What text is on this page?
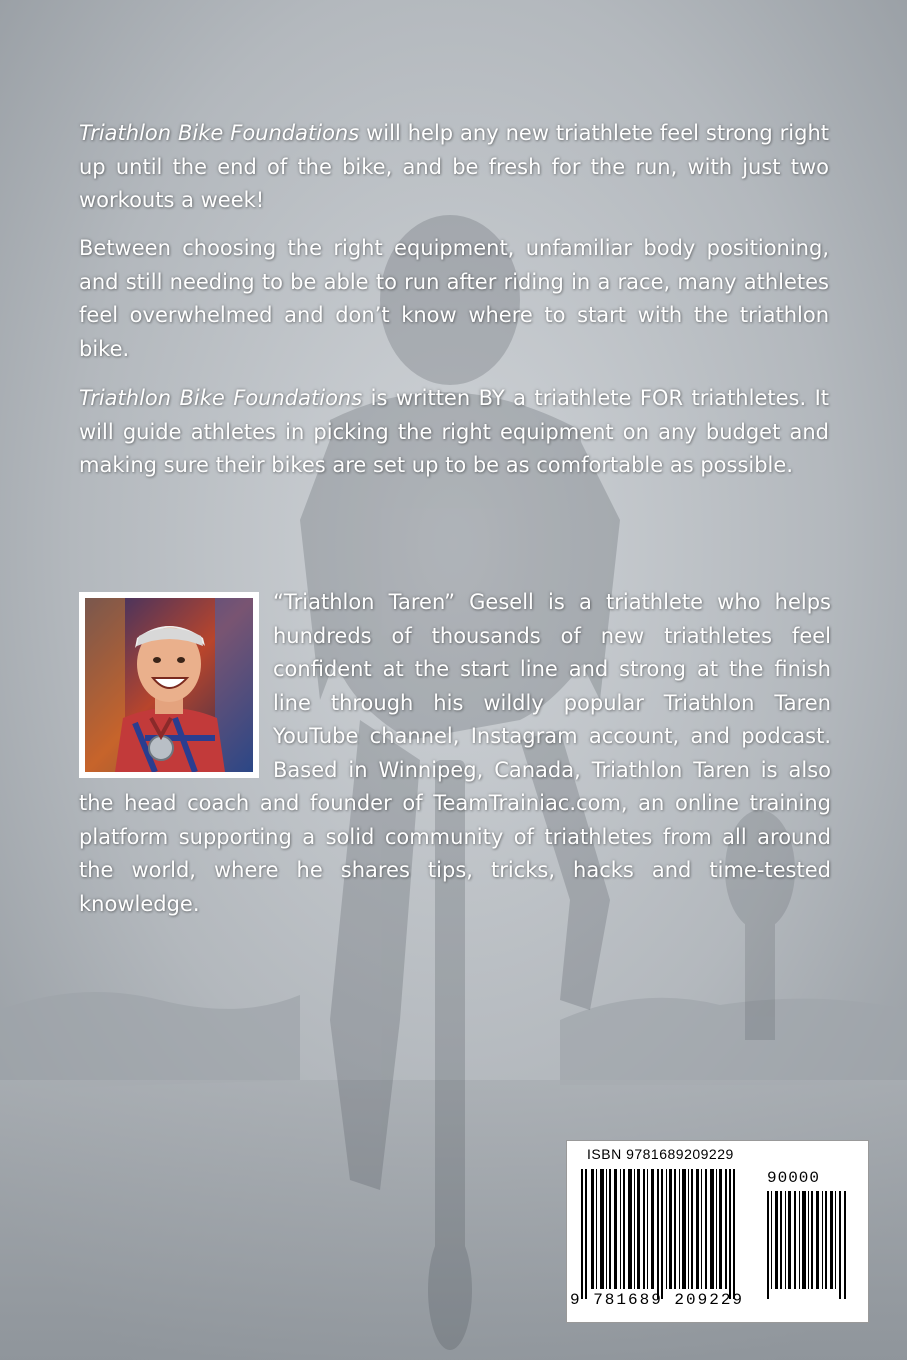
Triathlon Bike Foundations will help any new triathlete feel strong right up until the end of the bike, and be fresh for the run, with just two workouts a week!
Between choosing the right equipment, unfamiliar body positioning, and still needing to be able to run after riding in a race, many athletes feel overwhelmed and don’t know where to start with the triathlon bike.
Triathlon Bike Foundations is written BY a triathlete FOR triathletes. It will guide athletes in picking the right equipment on any budget and making sure their bikes are set up to be as comfortable as possible.
“Triathlon Taren” Gesell is a triathlete who helps hundreds of thousands of new triathletes feel confident at the start line and strong at the finish line through his wildly popular Triathlon Taren YouTube channel, Instagram account, and podcast. Based in Winnipeg, Canada, Triathlon Taren is also the head coach and founder of TeamTrainiac.com, an online training platform supporting a solid community of triathletes from all around the world, where he shares tips, tricks, hacks and time-tested knowledge.
ISBN 9781689209229
90000
9 781689 209229
